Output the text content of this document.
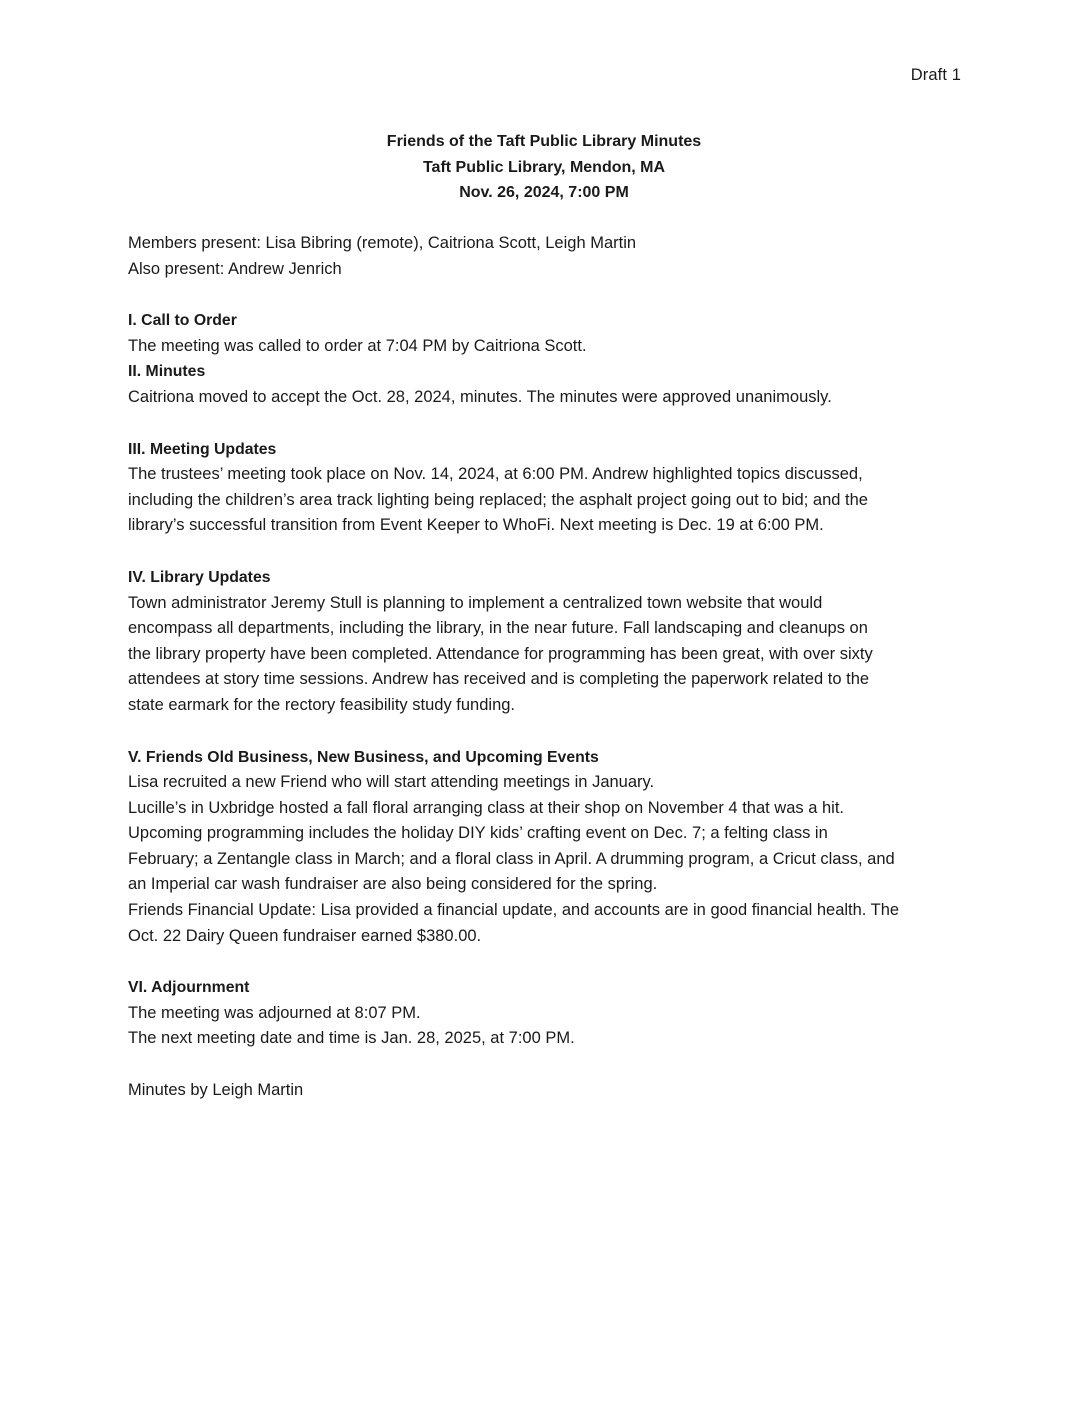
Draft 1
Friends of the Taft Public Library Minutes
Taft Public Library, Mendon, MA
Nov. 26, 2024, 7:00 PM

Members present: Lisa Bibring (remote), Caitriona Scott, Leigh Martin

Also present: Andrew Jenrich

I. Call to Order

The meeting was called to order at 7:04 PM by Caitriona Scott.

II. Minutes

Caitriona moved to accept the Oct. 28, 2024, minutes. The minutes were approved unanimously.

III. Meeting Updates

The trustees’ meeting took place on Nov. 14, 2024, at 6:00 PM. Andrew highlighted topics discussed,

including the children’s area track lighting being replaced; the asphalt project going out to bid; and the

library’s successful transition from Event Keeper to WhoFi. Next meeting is Dec. 19 at 6:00 PM.

IV. Library Updates

Town administrator Jeremy Stull is planning to implement a centralized town website that would

encompass all departments, including the library, in the near future. Fall landscaping and cleanups on

the library property have been completed. Attendance for programming has been great, with over sixty

attendees at story time sessions. Andrew has received and is completing the paperwork related to the

state earmark for the rectory feasibility study funding.

V. Friends Old Business, New Business, and Upcoming Events

Lisa recruited a new Friend who will start attending meetings in January.

Lucille’s in Uxbridge hosted a fall floral arranging class at their shop on November 4 that was a hit.

Upcoming programming includes the holiday DIY kids’ crafting event on Dec. 7; a felting class in

February; a Zentangle class in March; and a floral class in April. A drumming program, a Cricut class, and

an Imperial car wash fundraiser are also being considered for the spring.

Friends Financial Update: Lisa provided a financial update, and accounts are in good financial health. The

Oct. 22 Dairy Queen fundraiser earned $380.00.

VI. Adjournment

The meeting was adjourned at 8:07 PM.

The next meeting date and time is Jan. 28, 2025, at 7:00 PM.

Minutes by Leigh Martin
